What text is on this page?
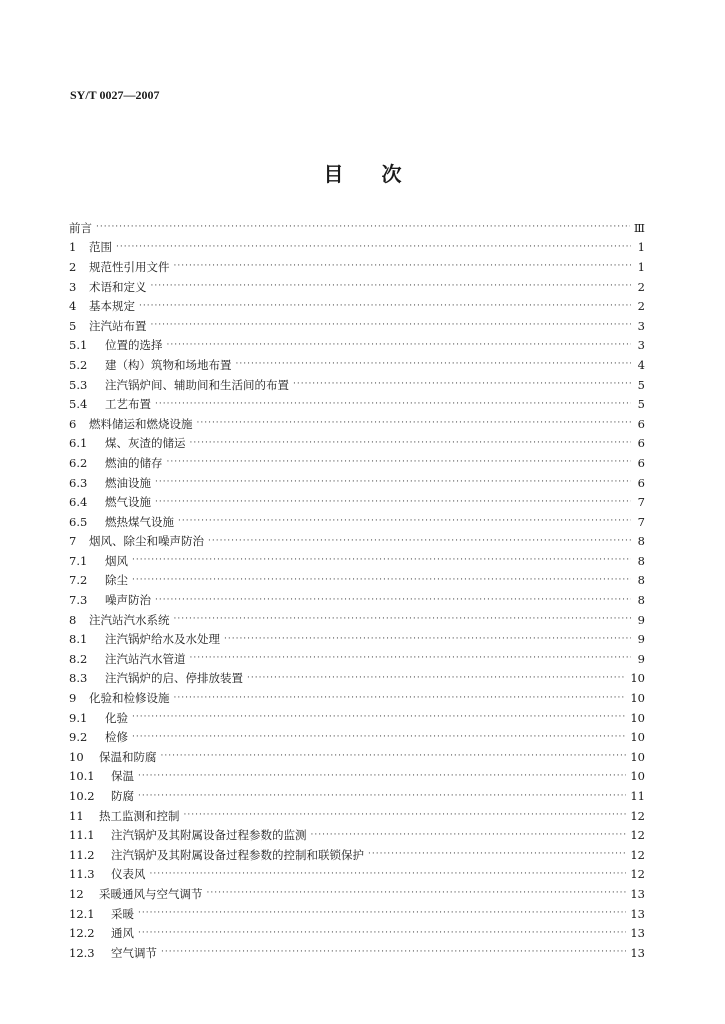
SY/T 0027—2007
目次
前言 ·····	Ⅲ
1	范围 ·····	1
2	规范性引用文件 ·····	1
3	术语和定义 ·····	2
4	基本规定 ·····	2
5	注汽站布置 ·····	3
5.1	位置的选择 ·····	3
5.2	建（构）筑物和场地布置 ·····	4
5.3	注汽锅炉间、辅助间和生活间的布置 ·····	5
5.4	工艺布置 ·····	5
6	燃料储运和燃烧设施 ·····	6
6.1	煤、灰渣的储运 ·····	6
6.2	燃油的储存 ·····	6
6.3	燃油设施 ·····	6
6.4	燃气设施 ·····	7
6.5	燃热煤气设施 ·····	7
7	烟风、除尘和噪声防治 ·····	8
7.1	烟风 ·····	8
7.2	除尘 ·····	8
7.3	噪声防治 ·····	8
8	注汽站汽水系统 ·····	9
8.1	注汽锅炉给水及水处理 ·····	9
8.2	注汽站汽水管道 ·····	9
8.3	注汽锅炉的启、停排放装置 ·····	10
9	化验和检修设施 ·····	10
9.1	化验 ·····	10
9.2	检修 ·····	10
10	保温和防腐 ·····	10
10.1	保温 ·····	10
10.2	防腐 ·····	11
11	热工监测和控制 ·····	12
11.1	注汽锅炉及其附属设备过程参数的监测 ·····	12
11.2	注汽锅炉及其附属设备过程参数的控制和联锁保护 ·····	12
11.3	仪表风 ·····	12
12	采暖通风与空气调节 ·····	13
12.1	采暖 ·····	13
12.2	通风 ·····	13
12.3	空气调节 ·····	13
